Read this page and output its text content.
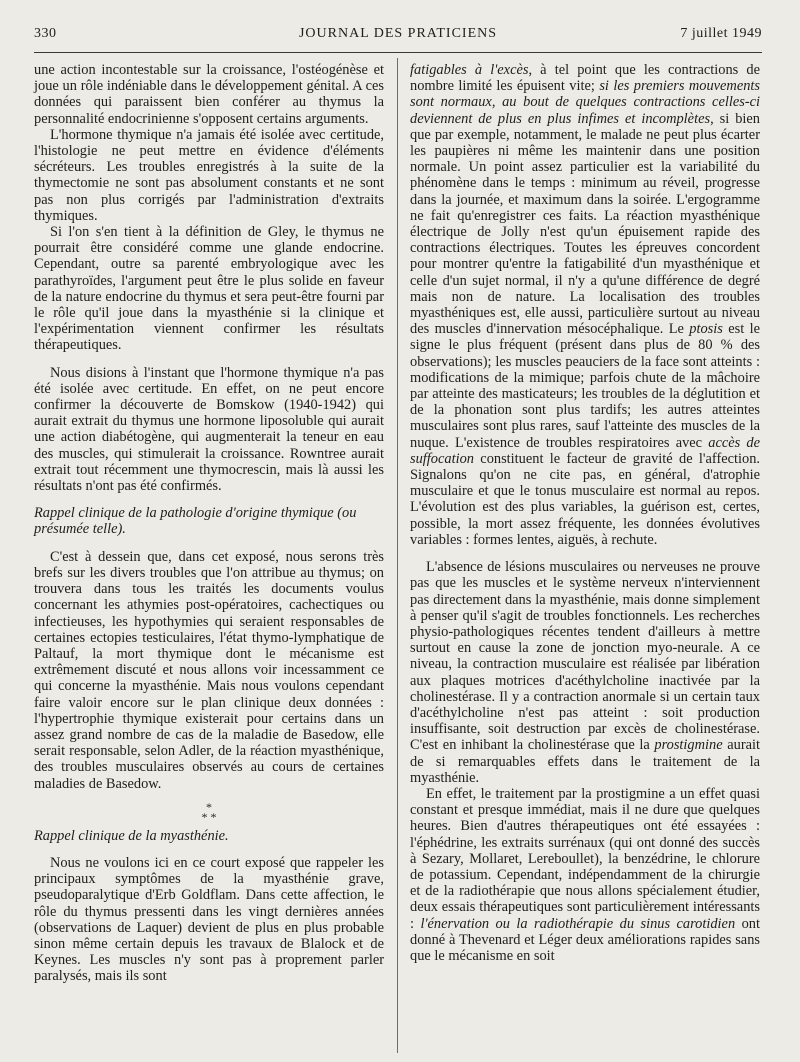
330	JOURNAL DES PRATICIENS	7 juillet 1949

une action incontestable sur la croissance, l'ostéogénèse et joue un rôle indéniable dans le développement génital. A ces données qui paraissent bien conférer au thymus la personnalité endocrinienne s'opposent certains arguments.

L'hormone thymique n'a jamais été isolée avec certitude, l'histologie ne peut mettre en évidence d'éléments sécréteurs. Les troubles enregistrés à la suite de la thymectomie ne sont pas absolument constants et ne sont pas non plus corrigés par l'administration d'extraits thymiques.

Si l'on s'en tient à la définition de Gley, le thymus ne pourrait être considéré comme une glande endocrine. Cependant, outre sa parenté embryologique avec les parathyroïdes, l'argument peut être le plus solide en faveur de la nature endocrine du thymus et sera peut-être fourni par le rôle qu'il joue dans la myasthénie si la clinique et l'expérimentation viennent confirmer les résultats thérapeutiques.

Nous disions à l'instant que l'hormone thymique n'a pas été isolée avec certitude. En effet, on ne peut encore confirmer la découverte de Bomskow (1940-1942) qui aurait extrait du thymus une hormone liposoluble qui aurait une action diabétogène, qui augmenterait la teneur en eau des muscles, qui stimulerait la croissance. Rowntree aurait extrait tout récemment une thymocrescin, mais là aussi les résultats n'ont pas été confirmés.

Rappel clinique de la pathologie d'origine thymique (ou présumée telle).

C'est à dessein que, dans cet exposé, nous serons très brefs sur les divers troubles que l'on attribue au thymus; on trouvera dans tous les traités les documents voulus concernant les athymies post-opératoires, cachectiques ou infectieuses, les hypothymies qui seraient responsables de certaines ectopies testiculaires, l'état thymo-lymphatique de Paltauf, la mort thymique dont le mécanisme est extrêmement discuté et nous allons voir incessamment ce qui concerne la myasthénie. Mais nous voulons cependant faire valoir encore sur le plan clinique deux données : l'hypertrophie thymique existerait pour certains dans un assez grand nombre de cas de la maladie de Basedow, elle serait responsable, selon Adler, de la réaction myasthénique, des troubles musculaires observés au cours de certaines maladies de Basedow.

*
* *

Rappel clinique de la myasthénie.

Nous ne voulons ici en ce court exposé que rappeler les principaux symptômes de la myasthénie grave, pseudoparalytique d'Erb Goldflam. Dans cette affection, le rôle du thymus pressenti dans les vingt dernières années (observations de Laquer) devient de plus en plus probable sinon même certain depuis les travaux de Blalock et de Keynes. Les muscles n'y sont pas à proprement parler paralysés, mais ils sont

fatigables à l'excès, à tel point que les contractions de nombre limité les épuisent vite; si les premiers mouvements sont normaux, au bout de quelques contractions celles-ci deviennent de plus en plus infimes et incomplètes, si bien que par exemple, notamment, le malade ne peut plus écarter les paupières ni même les maintenir dans une position normale. Un point assez particulier est la variabilité du phénomène dans le temps : minimum au réveil, progresse dans la journée, et maximum dans la soirée. L'ergogramme ne fait qu'enregistrer ces faits. La réaction myasthénique électrique de Jolly n'est qu'un épuisement rapide des contractions électriques. Toutes les épreuves concordent pour montrer qu'entre la fatigabilité d'un myasthénique et celle d'un sujet normal, il n'y a qu'une différence de degré mais non de nature. La localisation des troubles myasthéniques est, elle aussi, particulière surtout au niveau des muscles d'innervation mésocéphalique. Le ptosis est le signe le plus fréquent (présent dans plus de 80 % des observations); les muscles peauciers de la face sont atteints : modifications de la mimique; parfois chute de la mâchoire par atteinte des masticateurs; les troubles de la déglutition et de la phonation sont plus tardifs; les autres atteintes musculaires sont plus rares, sauf l'atteinte des muscles de la nuque. L'existence de troubles respiratoires avec accès de suffocation constituent le facteur de gravité de l'affection. Signalons qu'on ne cite pas, en général, d'atrophie musculaire et que le tonus musculaire est normal au repos. L'évolution est des plus variables, la guérison est, certes, possible, la mort assez fréquente, les données évolutives variables : formes lentes, aiguës, à rechute.

L'absence de lésions musculaires ou nerveuses ne prouve pas que les muscles et le système nerveux n'interviennent pas directement dans la myasthénie, mais donne simplement à penser qu'il s'agit de troubles fonctionnels. Les recherches physio-pathologiques récentes tendent d'ailleurs à mettre surtout en cause la zone de jonction myo-neurale. A ce niveau, la contraction musculaire est réalisée par libération aux plaques motrices d'acéthylcholine inactivée par la cholinestérase. Il y a contraction anormale si un certain taux d'acéthylcholine n'est pas atteint : soit production insuffisante, soit destruction par excès de cholinestérase. C'est en inhibant la cholinestérase que la prostigmine aurait de si remarquables effets dans le traitement de la myasthénie.

En effet, le traitement par la prostigmine a un effet quasi constant et presque immédiat, mais il ne dure que quelques heures. Bien d'autres thérapeutiques ont été essayées : l'éphédrine, les extraits surrénaux (qui ont donné des succès à Sezary, Mollaret, Lereboullet), la benzédrine, le chlorure de potassium. Cependant, indépendamment de la chirurgie et de la radiothérapie que nous allons spécialement étudier, deux essais thérapeutiques sont particulièrement intéressants : l'énervation ou la radiothérapie du sinus carotidien ont donné à Thevenard et Léger deux améliorations rapides sans que le mécanisme en soit
